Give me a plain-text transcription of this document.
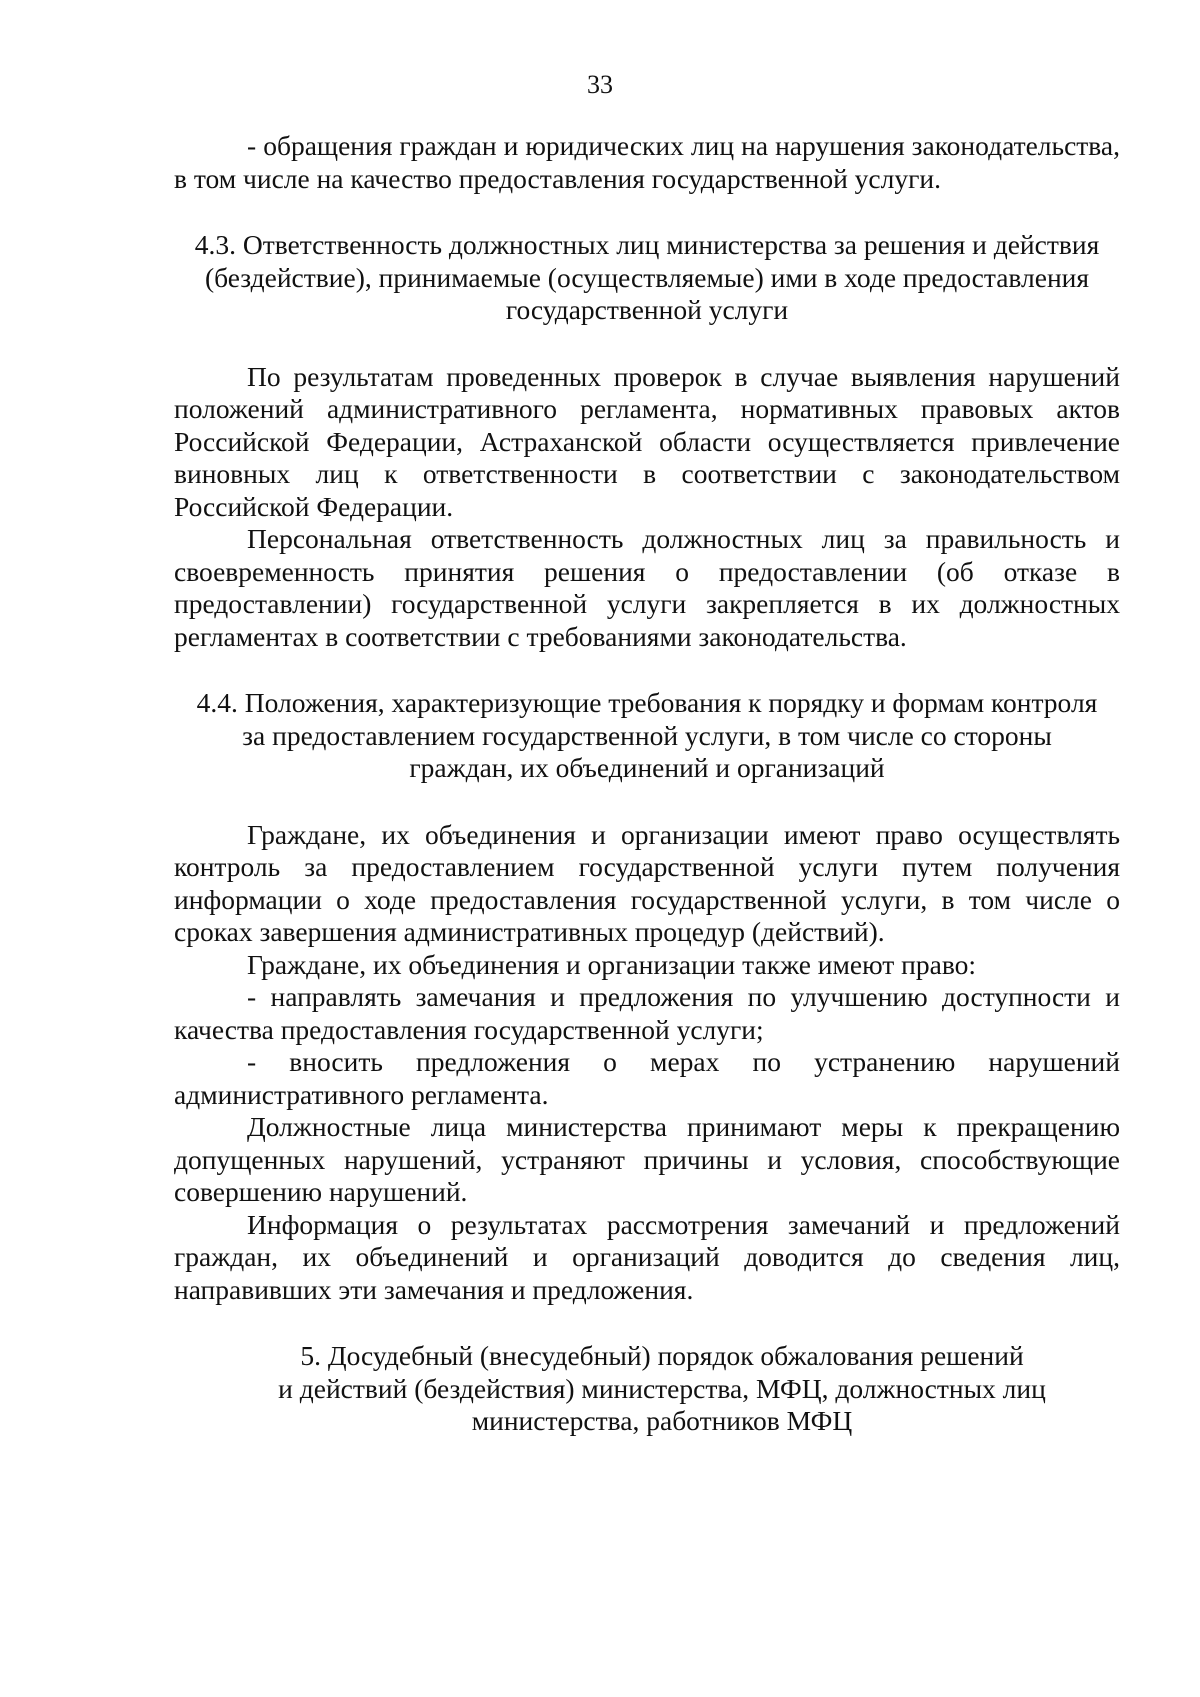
33

- обращения граждан и юридических лиц на нарушения законодательства, в том числе на качество предоставления государственной услуги.

4.3. Ответственность должностных лиц министерства за решения и действия
(бездействие), принимаемые (осуществляемые) ими в ходе предоставления
государственной услуги

По результатам проведенных проверок в случае выявления нарушений положений административного регламента, нормативных правовых актов Российской Федерации, Астраханской области осуществляется привлечение виновных лиц к ответственности в соответствии с законодательством Российской Федерации.

Персональная ответственность должностных лиц за правильность и своевременность принятия решения о предоставлении (об отказе в предоставлении) государственной услуги закрепляется в их должностных регламентах в соответствии с требованиями законодательства.

4.4. Положения, характеризующие требования к порядку и формам контроля
за предоставлением государственной услуги, в том числе со стороны
граждан, их объединений и организаций

Граждане, их объединения и организации имеют право осуществлять контроль за предоставлением государственной услуги путем получения информации о ходе предоставления государственной услуги, в том числе о сроках завершения административных процедур (действий).

Граждане, их объединения и организации также имеют право:

- направлять замечания и предложения по улучшению доступности и качества предоставления государственной услуги;

- вносить предложения о мерах по устранению нарушений административного регламента.

Должностные лица министерства принимают меры к прекращению допущенных нарушений, устраняют причины и условия, способствующие совершению нарушений.

Информация о результатах рассмотрения замечаний и предложений граждан, их объединений и организаций доводится до сведения лиц, направивших эти замечания и предложения.

5. Досудебный (внесудебный) порядок обжалования решений
и действий (бездействия) министерства, МФЦ, должностных лиц
министерства, работников МФЦ
